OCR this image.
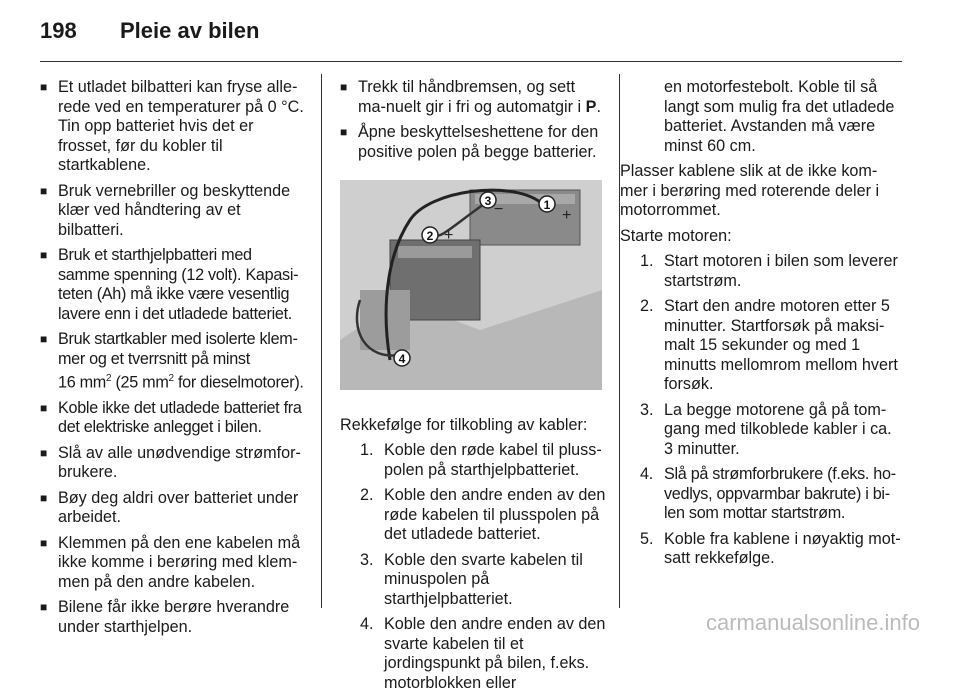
198	Pleie av bilen
■ Et utladet bilbatteri kan fryse alle-rede ved en temperaturer på 0 °C. Tin opp batteriet hvis det er frosset, før du kobler til startkablene.
■ Bruk vernebriller og beskyttende klær ved håndtering av et bilbatteri.
■ Bruk et starthjelpbatteri med samme spenning (12 volt). Kapasi-teten (Ah) må ikke være vesentlig lavere enn i det utladede batteriet.
■ Bruk startkabler med isolerte klem-mer og et tverrsnitt på minst
16 $mm^2$ (25 $mm^2$ for dieselmotorer).
■ Koble ikke det utladede batteriet fra det elektriske anlegget i bilen.
■ Slå av alle unødvendige strømfor-brukere.
■ Bøy deg aldri over batteriet under arbeidet.
■ Klemmen på den ene kabelen må ikke komme i berøring med klem-men på den andre kabelen.
■ Bilene får ikke berøre hverandre under starthjelpen.
■ Trekk til håndbremsen, og sett ma-nuelt gir i fri og automatgir i P.
■ Åpne beskyttelseshettene for den positive polen på begge batterier.
1
2
3
4
+
+
−

Rekkefølge for tilkobling av kabler:

1. Koble den røde kabel til pluss-polen på starthjelpbatteriet.
2. Koble den andre enden av den røde kabelen til plusspolen på det utladede batteriet.
3. Koble den svarte kabelen til minuspolen på starthjelpbatteriet.
4. Koble den andre enden av den svarte kabelen til et jordingspunkt på bilen, f.eks. motorblokken eller

en motorfestebolt. Koble til så langt som mulig fra det utladede batteriet. Avstanden må være minst 60 cm.

Plasser kablene slik at de ikke kom-mer i berøring med roterende deler i motorrommet.

Starte motoren:

1. Start motoren i bilen som leverer startstrøm.
2. Start den andre motoren etter 5 minutter. Startforsøk på maksi-malt 15 sekunder og med 1 minutts mellomrom mellom hvert forsøk.
3. La begge motorene gå på tom-gang med tilkoblede kabler i ca. 3 minutter.
4. Slå på strømforbrukere (f.eks. ho-vedlys, oppvarmbar bakrute) i bi-len som mottar startstrøm.
5. Koble fra kablene i nøyaktig mot-satt rekkefølge.
carmanualsonline.info
